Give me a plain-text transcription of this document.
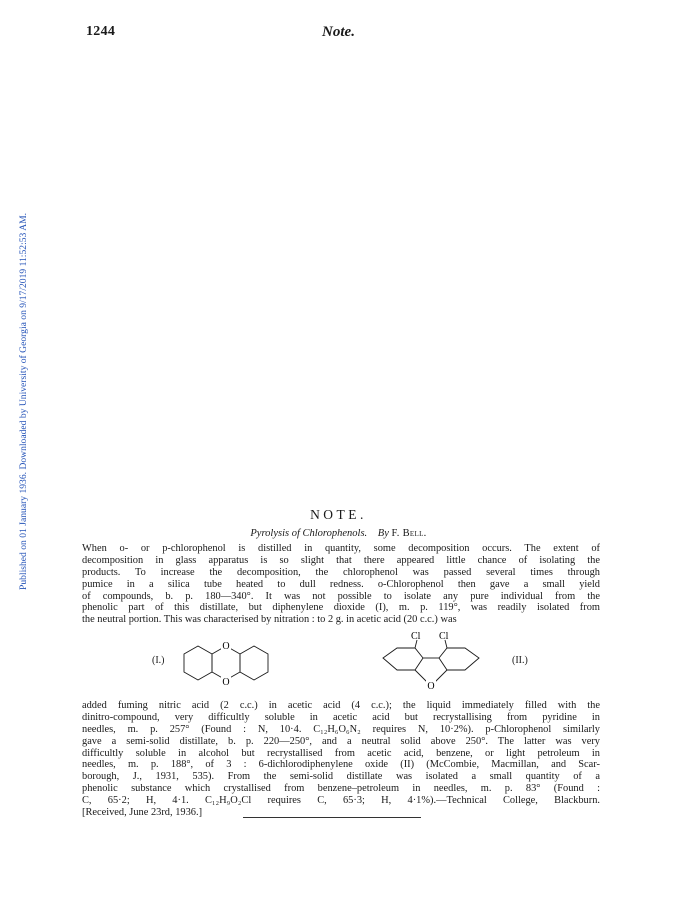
1244	Note.
Published on 01 January 1936. Downloaded by University of Georgia on 9/17/2019 11:52:53 AM.	NOTE.
Pyrolysis of Chlorophenols. By F. Bell.
When o- or p-chlorophenol is distilled in quantity, some decomposition occurs. The extent of
decomposition in glass apparatus is so slight that there appeared little chance of isolating the
products. To increase the decomposition, the chlorophenol was passed several times through
pumice in a silica tube heated to dull redness. o-Chlorophenol then gave a small yield
of compounds, b. p. 180—340°. It was not possible to isolate any pure individual from the
phenolic part of this distillate, but diphenylene dioxide (I), m. p. 119°, was readily isolated from
the neutral portion. This was characterised by nitration : to 2 g. in acetic acid (20 c.c.) was
(I.)
O
O
Cl Cl
O
(II.)
added fuming nitric acid (2 c.c.) in acetic acid (4 c.c.); the liquid immediately filled with the
dinitro-compound, very difficultly soluble in acetic acid but recrystallising from pyridine in
needles, m. p. 257° (Found : N, 10·4. C₁₂H₆O₆N₂ requires N, 10·2%). p-Chlorophenol similarly
gave a semi-solid distillate, b. p. 220—250°, and a neutral solid above 250°. The latter was very
difficultly soluble in alcohol but recrystallised from acetic acid, benzene, or light petroleum in
needles, m. p. 188°, of 3 : 6-dichlorodiphenylene oxide (II) (McCombie, Macmillan, and Scar-
borough, J., 1931, 535). From the semi-solid distillate was isolated a small quantity of a
phenolic substance which crystallised from benzene–petroleum in needles, m. p. 83° (Found :
C, 65·2; H, 4·1. C₁₂H₉O₂Cl requires C, 65·3; H, 4·1%).—Technical College, Blackburn.
[Received, June 23rd, 1936.]
